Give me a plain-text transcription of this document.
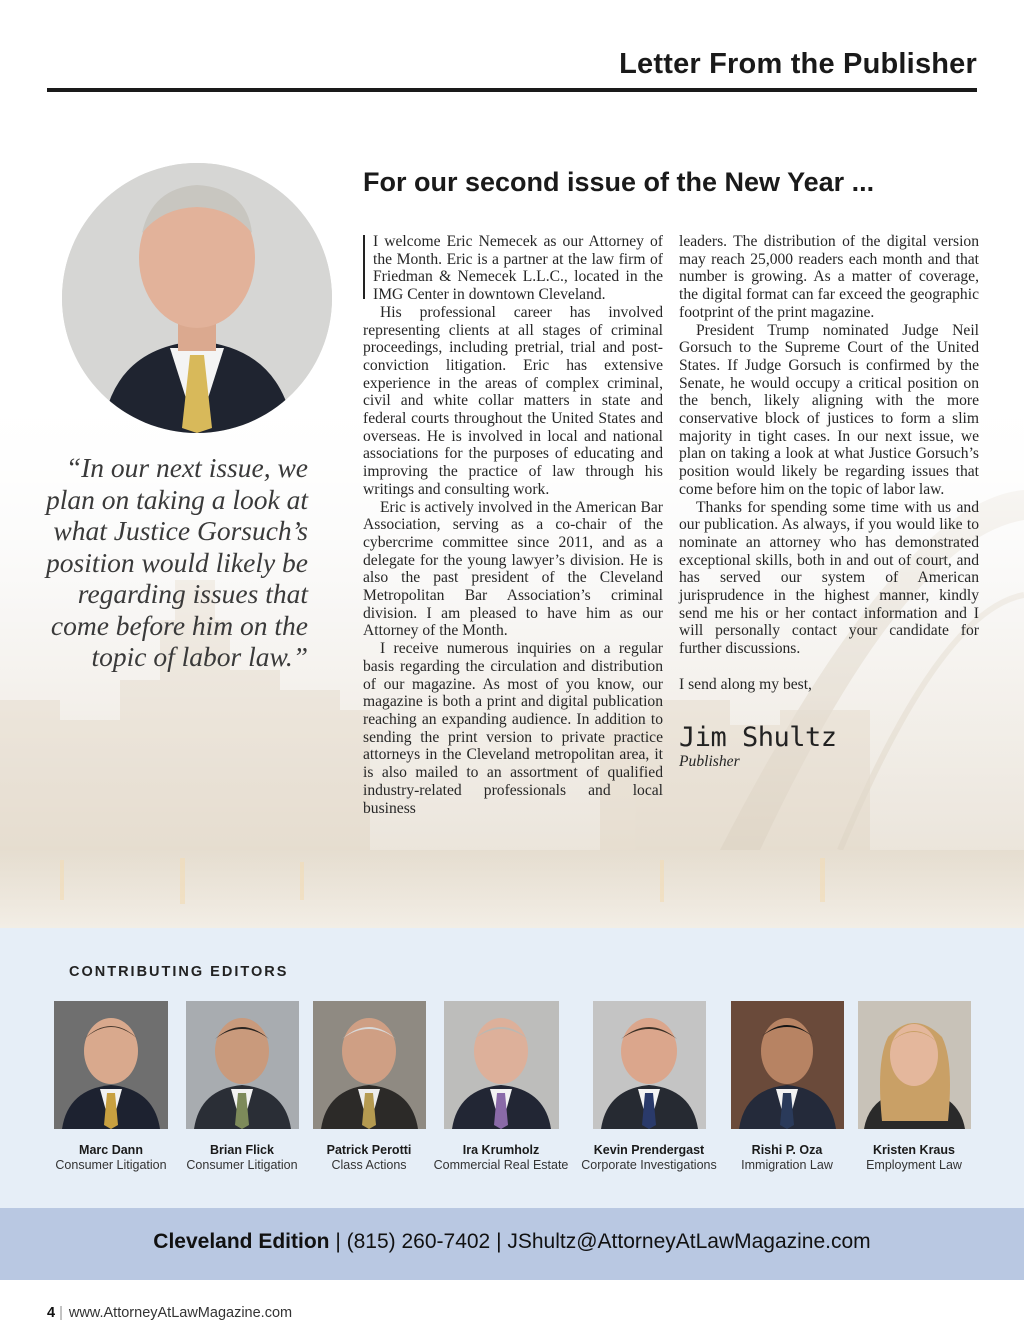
Letter From the Publisher
“In our next issue, we plan on taking a look at what Justice Gorsuch’s position would likely be regarding issues that come before him on the topic of labor law.”
For our second issue of the New Year ...

I welcome Eric Nemecek as our Attorney of the Month. Eric is a partner at the law firm of Friedman & Nemecek L.L.C., located in the IMG Center in downtown Cleveland.

His professional career has involved representing clients at all stages of criminal proceedings, including pretrial, trial and post-conviction litigation. Eric has extensive experience in the areas of complex criminal, civil and white collar matters in state and federal courts throughout the United States and overseas. He is involved in local and national associations for the purposes of educating and improving the practice of law through his writings and consulting work.

Eric is actively involved in the American Bar Association, serving as a co-chair of the cybercrime committee since 2011, and as a delegate for the young lawyer’s division. He is also the past president of the Cleveland Metropolitan Bar Association’s criminal division. I am pleased to have him as our Attorney of the Month.

I receive numerous inquiries on a regular basis regarding the circulation and distribution of our magazine. As most of you know, our magazine is both a print and digital publication reaching an expanding audience. In addition to sending the print version to private practice attorneys in the Cleveland metropolitan area, it is also mailed to an assortment of qualified industry-related professionals and local business

leaders. The distribution of the digital version may reach 25,000 readers each month and that number is growing. As a matter of coverage, the digital format can far exceed the geographic footprint of the print magazine.

President Trump nominated Judge Neil Gorsuch to the Supreme Court of the United States. If Judge Gorsuch is confirmed by the Senate, he would occupy a critical position on the bench, likely aligning with the more conservative block of justices to form a slim majority in tight cases. In our next issue, we plan on taking a look at what Justice Gorsuch’s position would likely be regarding issues that come before him on the topic of labor law.

Thanks for spending some time with us and our publication. As always, if you would like to nominate an attorney who has demonstrated exceptional skills, both in and out of court, and has served our system of American jurisprudence in the highest manner, kindly send me his or her contact information and I will personally contact your candidate for further discussions.

I send along my best,

Jim Shultz
Publisher
CONTRIBUTING EDITORS
Marc Dann
Consumer Litigation
Brian Flick
Consumer Litigation
Patrick Perotti
Class Actions
Ira Krumholz
Commercial Real Estate
Kevin Prendergast
Corporate Investigations
Rishi P. Oza
Immigration Law
Kristen Kraus
Employment Law
Cleveland Edition | (815) 260-7402 | JShultz@AttorneyAtLawMagazine.com
4 | www.AttorneyAtLawMagazine.com
